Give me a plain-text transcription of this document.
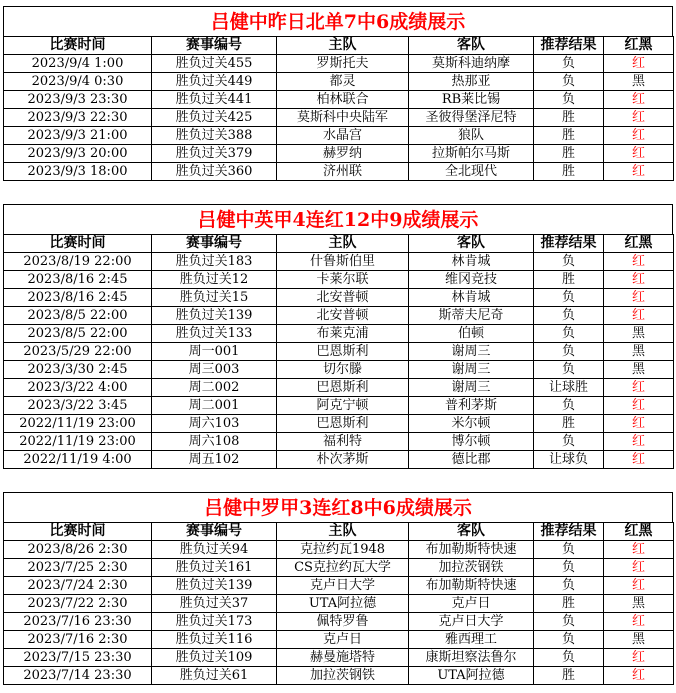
吕健中昨日北单7中6成绩展示
比赛时间	赛事编号	主队	客队	推荐结果	红黑
2023/9/4 1:00	胜负过关455	罗斯托夫	莫斯科迪纳摩	负	红
2023/9/4 0:30	胜负过关449	都灵	热那亚	负	黑
2023/9/3 23:30	胜负过关441	柏林联合	RB莱比锡	负	红
2023/9/3 22:30	胜负过关425	莫斯科中央陆军	圣彼得堡泽尼特	胜	红
2023/9/3 21:00	胜负过关388	水晶宫	狼队	胜	红
2023/9/3 20:00	胜负过关379	赫罗纳	拉斯帕尔马斯	胜	红
2023/9/3 18:00	胜负过关360	济州联	全北现代	胜	红
吕健中英甲4连红12中9成绩展示
比赛时间	赛事编号	主队	客队	推荐结果	红黑
2023/8/19 22:00	胜负过关183	什鲁斯伯里	林肯城	负	红
2023/8/16 2:45	胜负过关12	卡莱尔联	维冈竞技	胜	红
2023/8/16 2:45	胜负过关15	北安普顿	林肯城	负	红
2023/8/5 22:00	胜负过关139	北安普顿	斯蒂夫尼奇	负	红
2023/8/5 22:00	胜负过关133	布莱克浦	伯顿	负	黑
2023/5/29 22:00	周一001	巴恩斯利	谢周三	负	黑
2023/3/30 2:45	周三003	切尔滕	谢周三	负	黑
2023/3/22 4:00	周二002	巴恩斯利	谢周三	让球胜	红
2023/3/22 3:45	周二001	阿克宁顿	普利茅斯	负	红
2022/11/19 23:00	周六103	巴恩斯利	米尔顿	胜	红
2022/11/19 23:00	周六108	福利特	博尔顿	负	红
2022/11/19 4:00	周五102	朴次茅斯	德比郡	让球负	红
吕健中罗甲3连红8中6成绩展示
比赛时间	赛事编号	主队	客队	推荐结果	红黑
2023/8/26 2:30	胜负过关94	克拉约瓦1948	布加勒斯特快速	负	红
2023/7/25 2:30	胜负过关161	CS克拉约瓦大学	加拉茨钢铁	负	红
2023/7/24 2:30	胜负过关139	克卢日大学	布加勒斯特快速	负	红
2023/7/22 2:30	胜负过关37	UTA阿拉德	克卢日	胜	黑
2023/7/16 23:30	胜负过关173	佩特罗鲁	克卢日大学	负	红
2023/7/16 2:30	胜负过关116	克卢日	雅西理工	负	黑
2023/7/15 23:30	胜负过关109	赫曼施塔特	康斯坦察法鲁尔	负	红
2023/7/14 23:30	胜负过关61	加拉茨钢铁	UTA阿拉德	胜	红
